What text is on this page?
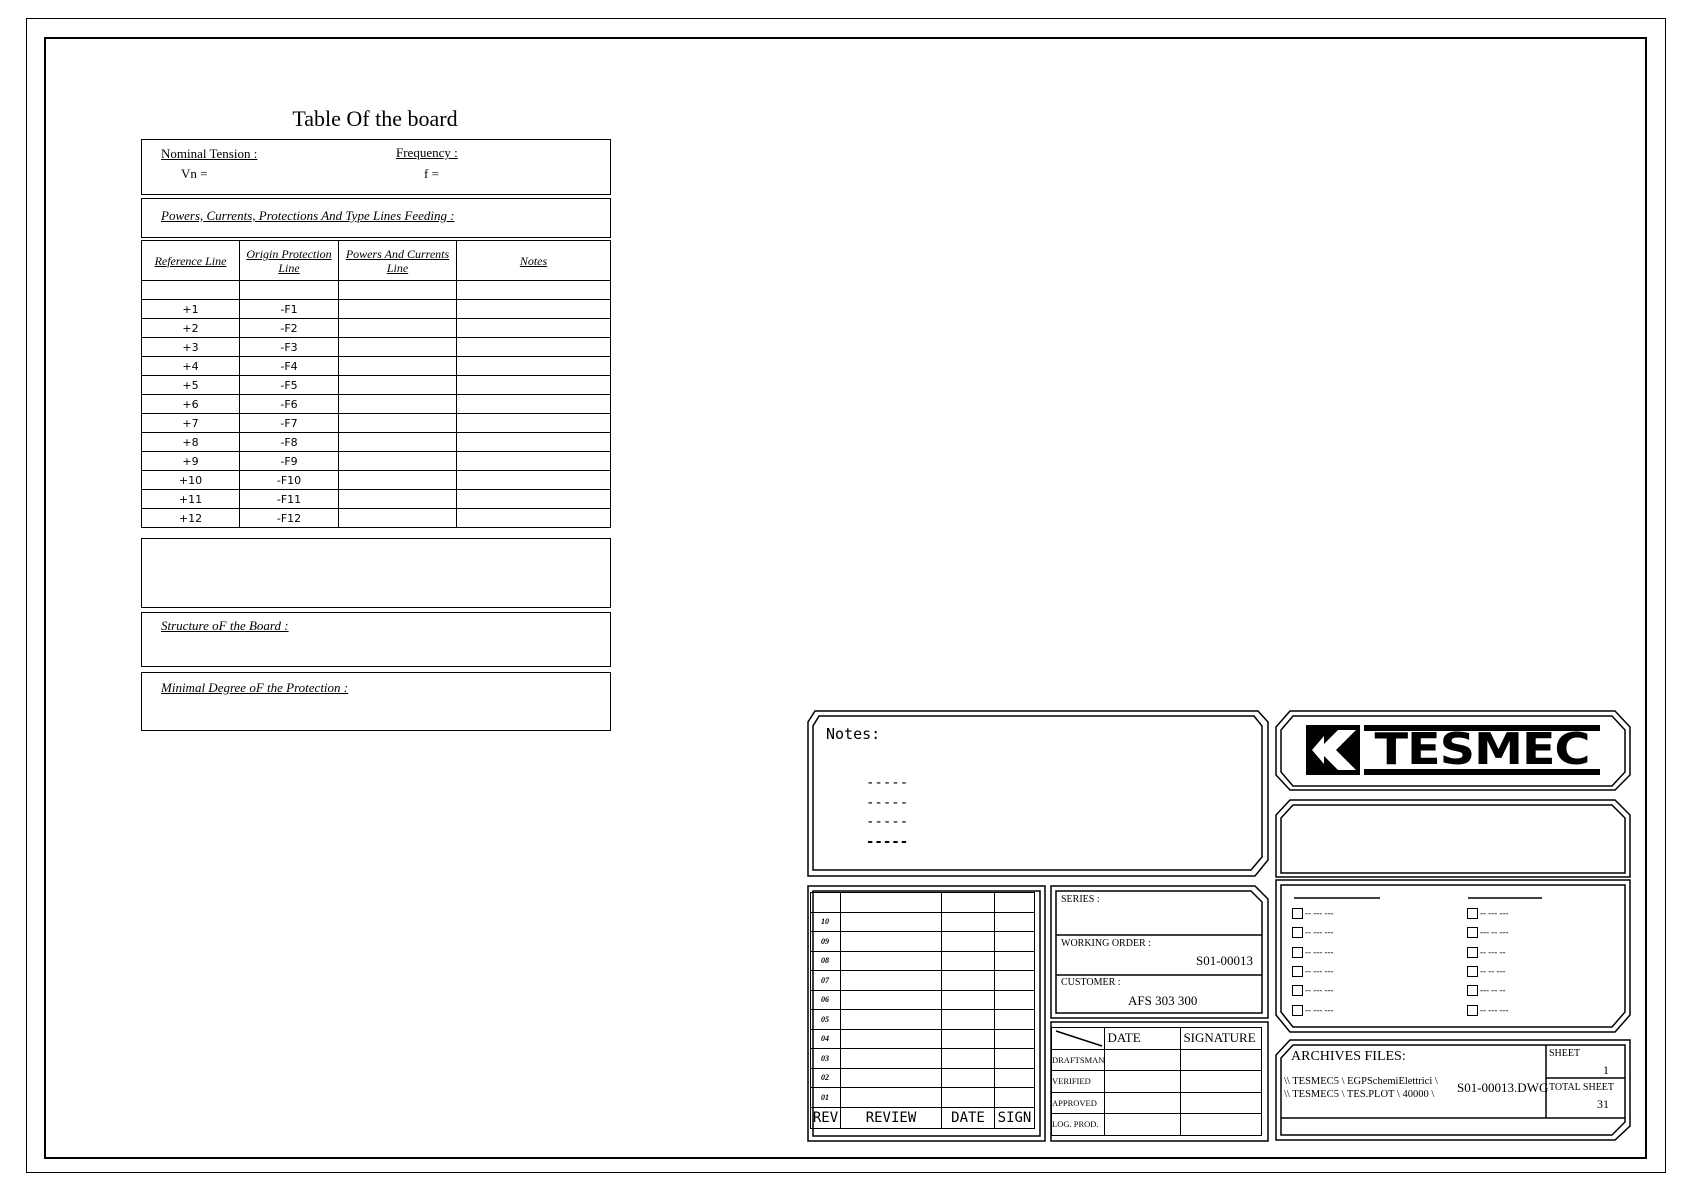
Table Of the board
Nominal Tension :
Vn =
Frequency :
f =
Powers, Currents, Protections And Type Lines Feeding :
Reference Line	Origin Protection Line	Powers And Currents Line	Notes

+1	-F1		
+2	-F2		
+3	-F3		
+4	-F4		
+5	-F5		
+6	-F6		
+7	-F7		
+8	-F8		
+9	-F9		
+10	-F10		
+11	-F11		
+12	-F12		
Structure oF the Board :
Minimal Degree oF the Protection :
Notes:
-----
-----
-----
-----
TESMEC

10			
09			
08			
07			
06			
05			
04			
03			
02			
01			
REV	REVIEW	DATE	SIGN
SERIES :
WORKING ORDER :
S01-00013
CUSTOMER :
AFS 303 300
	DATE	SIGNATURE
DRAFTSMAN		
VERIFIED		
APPROVED		
LOG. PROD.		
-- --- ---
-- --- ---
-- --- ---
-- --- ---
-- --- ---
-- --- ---
-- --- ---
--- -- ---
-- --- --
-- -- ---
--- -- --
-- --- ---
ARCHIVES FILES:
\\ TESMEC5 \ EGPSchemiElettrici \
\\ TESMEC5 \ TES.PLOT \ 40000 \ S01-00013.DWG
SHEET
1
TOTAL SHEET
31
